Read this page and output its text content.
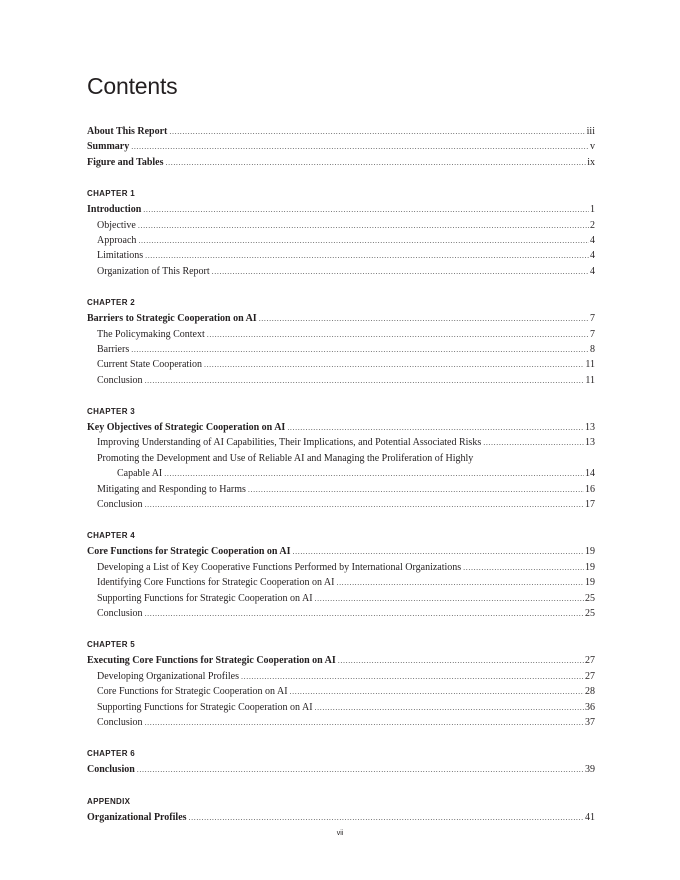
Contents
About This Report .....	iii
Summary .....	v
Figure and Tables .....	ix
CHAPTER 1
Introduction .....	1
Objective .....	2
Approach .....	4
Limitations .....	4
Organization of This Report .....	4
CHAPTER 2
Barriers to Strategic Cooperation on AI .....	7
The Policymaking Context .....	7
Barriers .....	8
Current State Cooperation .....	11
Conclusion .....	11
CHAPTER 3
Key Objectives of Strategic Cooperation on AI .....	13
Improving Understanding of AI Capabilities, Their Implications, and Potential Associated Risks .....	13
Promoting the Development and Use of Reliable AI and Managing the Proliferation of Highly
Capable AI .....	14
Mitigating and Responding to Harms .....	16
Conclusion .....	17
CHAPTER 4
Core Functions for Strategic Cooperation on AI .....	19
Developing a List of Key Cooperative Functions Performed by International Organizations .....	19
Identifying Core Functions for Strategic Cooperation on AI .....	19
Supporting Functions for Strategic Cooperation on AI .....	25
Conclusion .....	25
CHAPTER 5
Executing Core Functions for Strategic Cooperation on AI .....	27
Developing Organizational Profiles .....	27
Core Functions for Strategic Cooperation on AI .....	28
Supporting Functions for Strategic Cooperation on AI .....	36
Conclusion .....	37
CHAPTER 6
Conclusion .....	39
APPENDIX
Organizational Profiles .....	41
vii
